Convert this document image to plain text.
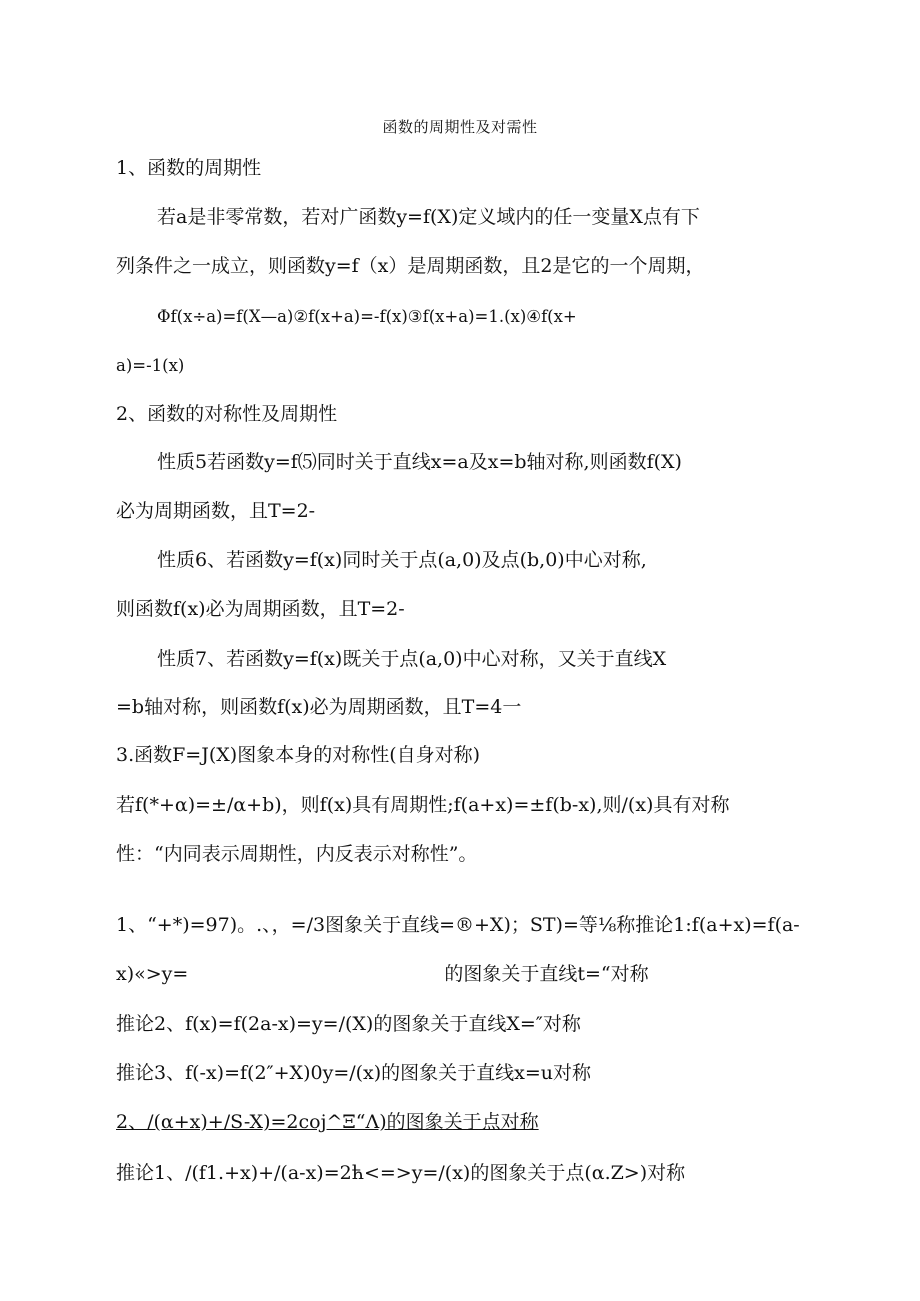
函数的周期性及对需性
1、函数的周期性
若a是非零常数，若对广函数y=f(X)定义域内的任一变量X点有下
列条件之一成立，则函数y=f（x）是周期函数，且2是它的一个周期，
Φf(x÷a)=f(X—a)②f(x+a)=-f(x)③f(x+a)=1.(x)④f(x+
a)=-1(x)
2、函数的对称性及周期性
性质5若函数y=f⑸同时关于直线x=a及x=b轴对称,则函数f(X)
必为周期函数，且T=2-
性质6、若函数y=f(x)同时关于点(a,0)及点(b,0)中心对称,
则函数f(x)必为周期函数，且T=2-
性质7、若函数y=f(x)既关于点(a,0)中心对称，又关于直线X
=b轴对称，则函数f(x)必为周期函数，且T=4一
3.函数F=J(X)图象本身的对称性(自身对称)
若f(*+α)=±/α+b)，则f(x)具有周期性;f(a+x)=±f(b-x),则/(x)具有对称
性：“内同表示周期性，内反表示对称性”。
1、“+*)=97)。.、，=/3图象关于直线=®+X)；ST)=等⅛称推论1:f(a+x)=f(a-
x)«>y=	的图象关于直线t=“对称
推论2、f(x)=f(2a-x)=y=/(X)的图象关于直线X=″对称
推论3、f(-x)=f(2″+X)0y=/(x)的图象关于直线x=u对称
2、/(α+x)+/S-X)=2coj^Ξ“Λ)的图象关于点对称
推论1、/(f1.+x)+/(a-x)=2ћ<=>y=/(x)的图象关于点(α.Z>)对称
